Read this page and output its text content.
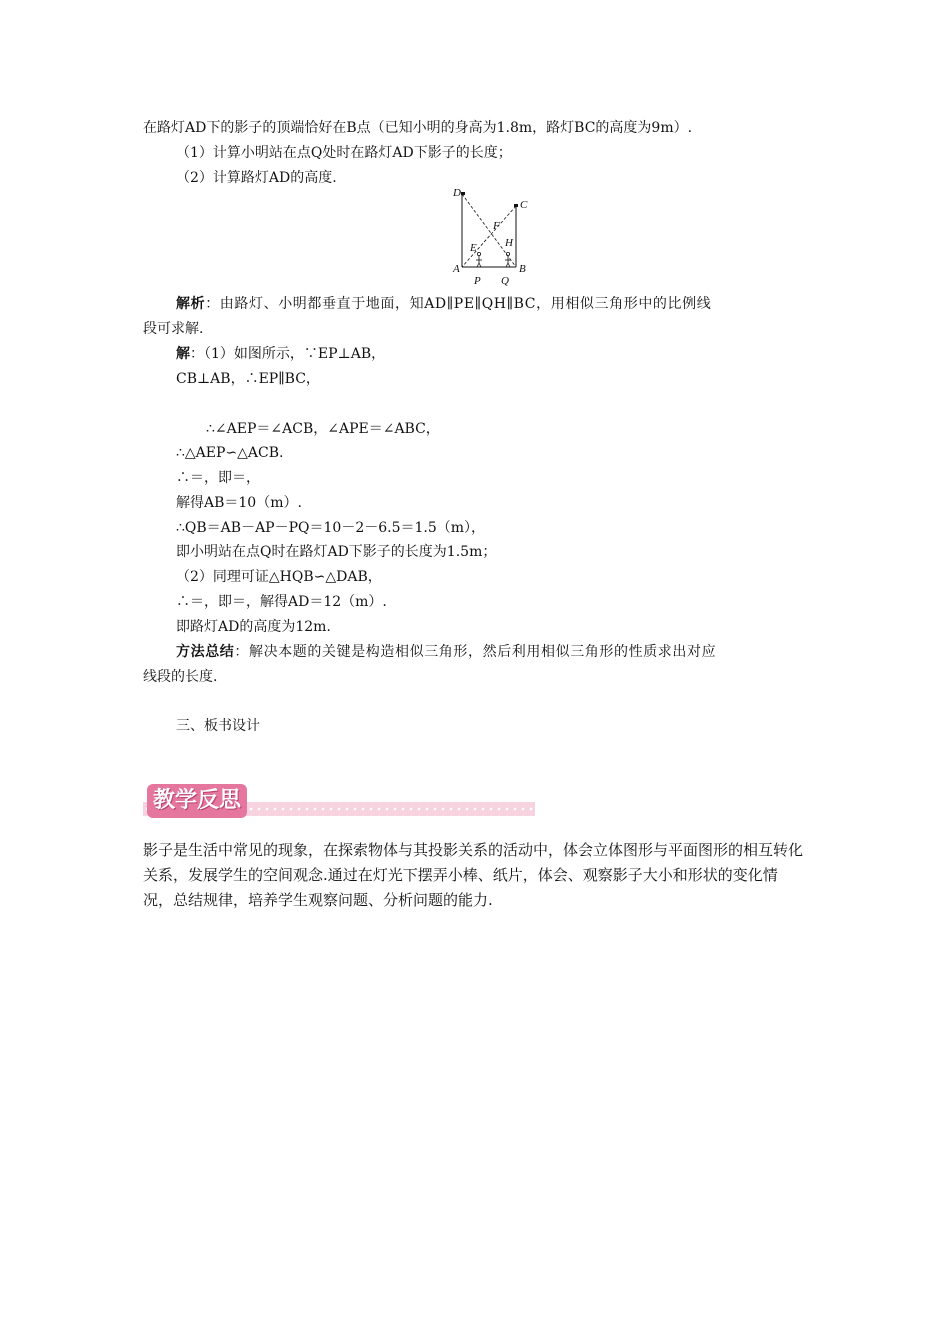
在路灯AD下的影子的顶端恰好在B点（已知小明的身高为1.8m，路灯BC的高度为9m）.
（1）计算小明站在点Q处时在路灯AD下影子的长度；
（2）计算路灯AD的高度.
D
C
F
E	H
A	B
P Q
解析：由路灯、小明都垂直于地面，知AD∥PE∥QH∥BC，用相似三角形中的比例线
段可求解.
解：（1）如图所示，∵EP⊥AB，
CB⊥AB，∴EP∥BC，
∴∠AEP＝∠ACB，∠APE＝∠ABC，
∴△AEP∽△ACB.
∴＝，即＝，
解得AB＝10（m）.
∴QB＝AB－AP－PQ＝10－2－6.5＝1.5（m），
即小明站在点Q时在路灯AD下影子的长度为1.5m；
（2）同理可证△HQB∽△DAB，
∴＝，即＝，解得AD＝12（m）.
即路灯AD的高度为12m.
方法总结：解决本题的关键是构造相似三角形，然后利用相似三角形的性质求出对应
线段的长度.
三、板书设计
教学反思
影子是生活中常见的现象，在探索物体与其投影关系的活动中，体会立体图形与平面图形的相互转化关系，发展学生的空间观念.通过在灯光下摆弄小棒、纸片，体会、观察影子大小和形状的变化情况，总结规律，培养学生观察问题、分析问题的能力.
